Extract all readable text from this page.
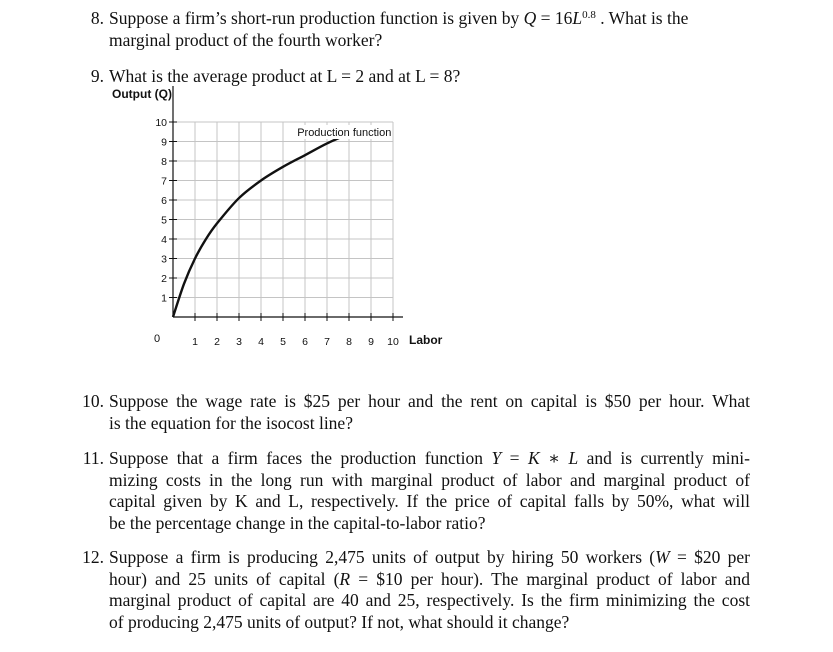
8. Suppose a firm’s short-run production function is given by $Q = 16L^{0.8}$ . What is the
marginal product of the fourth worker?
9. What is the average product at L = 2 and at L = 8?
10
9
8
7
6
5
4
3
2
1
1 2 3 4 5 6 7 8 9 10
0
Output (Q)
Labor
Production function
10. Suppose the wage rate is $25 per hour and the rent on capital is $50 per hour. What
is the equation for the isocost line?
11. Suppose that a firm faces the production function Y = K ∗ L and is currently mini-
mizing costs in the long run with marginal product of labor and marginal product of
capital given by K and L, respectively. If the price of capital falls by 50%, what will
be the percentage change in the capital-to-labor ratio?
12. Suppose a firm is producing 2,475 units of output by hiring 50 workers (W = $20 per
hour) and 25 units of capital (R = $10 per hour). The marginal product of labor and
marginal product of capital are 40 and 25, respectively. Is the firm minimizing the cost
of producing 2,475 units of output? If not, what should it change?
